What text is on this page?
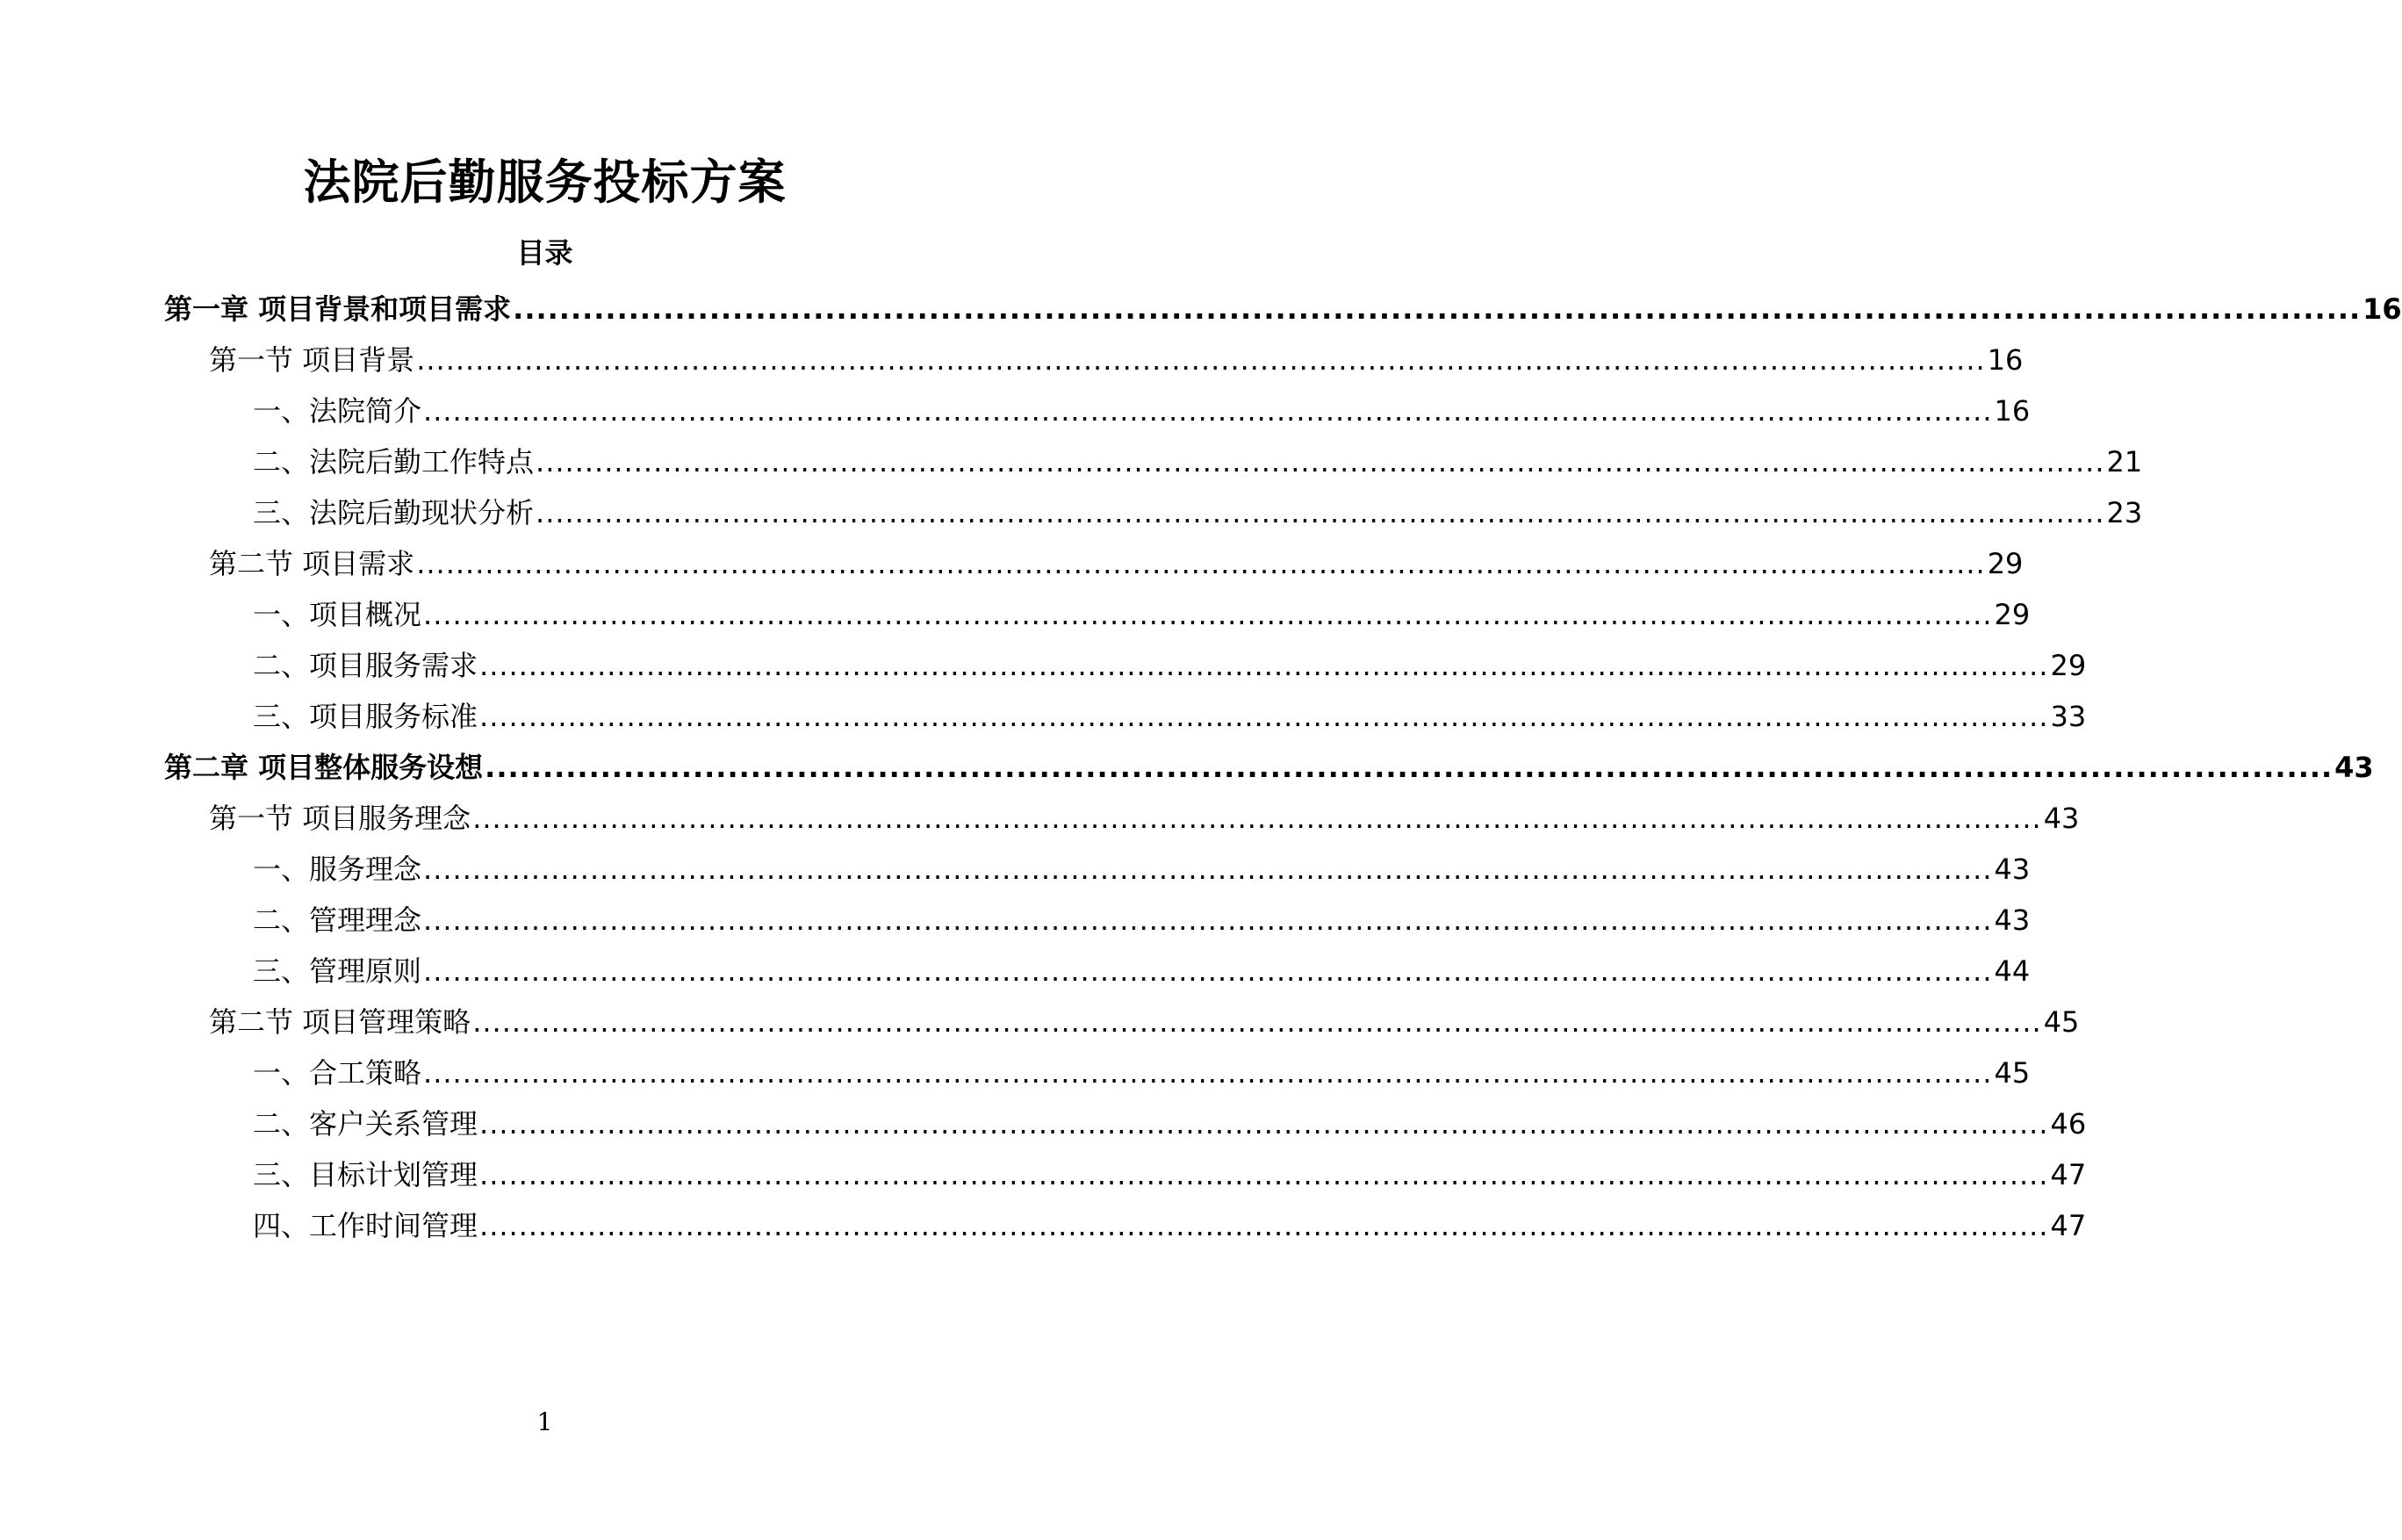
法院后勤服务投标方案
目录
第一章 项目背景和项目需求 ................................................................................................................................................................ 16
第一节 项目背景 ................................................................................................................................................................ 16
一、法院简介 ................................................................................................................................................................ 16
二、法院后勤工作特点 ................................................................................................................................................................ 21
三、法院后勤现状分析 ................................................................................................................................................................ 23
第二节 项目需求 ................................................................................................................................................................ 29
一、项目概况 ................................................................................................................................................................ 29
二、项目服务需求 ................................................................................................................................................................ 29
三、项目服务标准 ................................................................................................................................................................ 33
第二章 项目整体服务设想 ................................................................................................................................................................ 43
第一节 项目服务理念 ................................................................................................................................................................ 43
一、服务理念 ................................................................................................................................................................ 43
二、管理理念 ................................................................................................................................................................ 43
三、管理原则 ................................................................................................................................................................ 44
第二节 项目管理策略 ................................................................................................................................................................ 45
一、合工策略 ................................................................................................................................................................ 45
二、客户关系管理 ................................................................................................................................................................ 46
三、目标计划管理 ................................................................................................................................................................ 47
四、工作时间管理 ................................................................................................................................................................ 47
1
